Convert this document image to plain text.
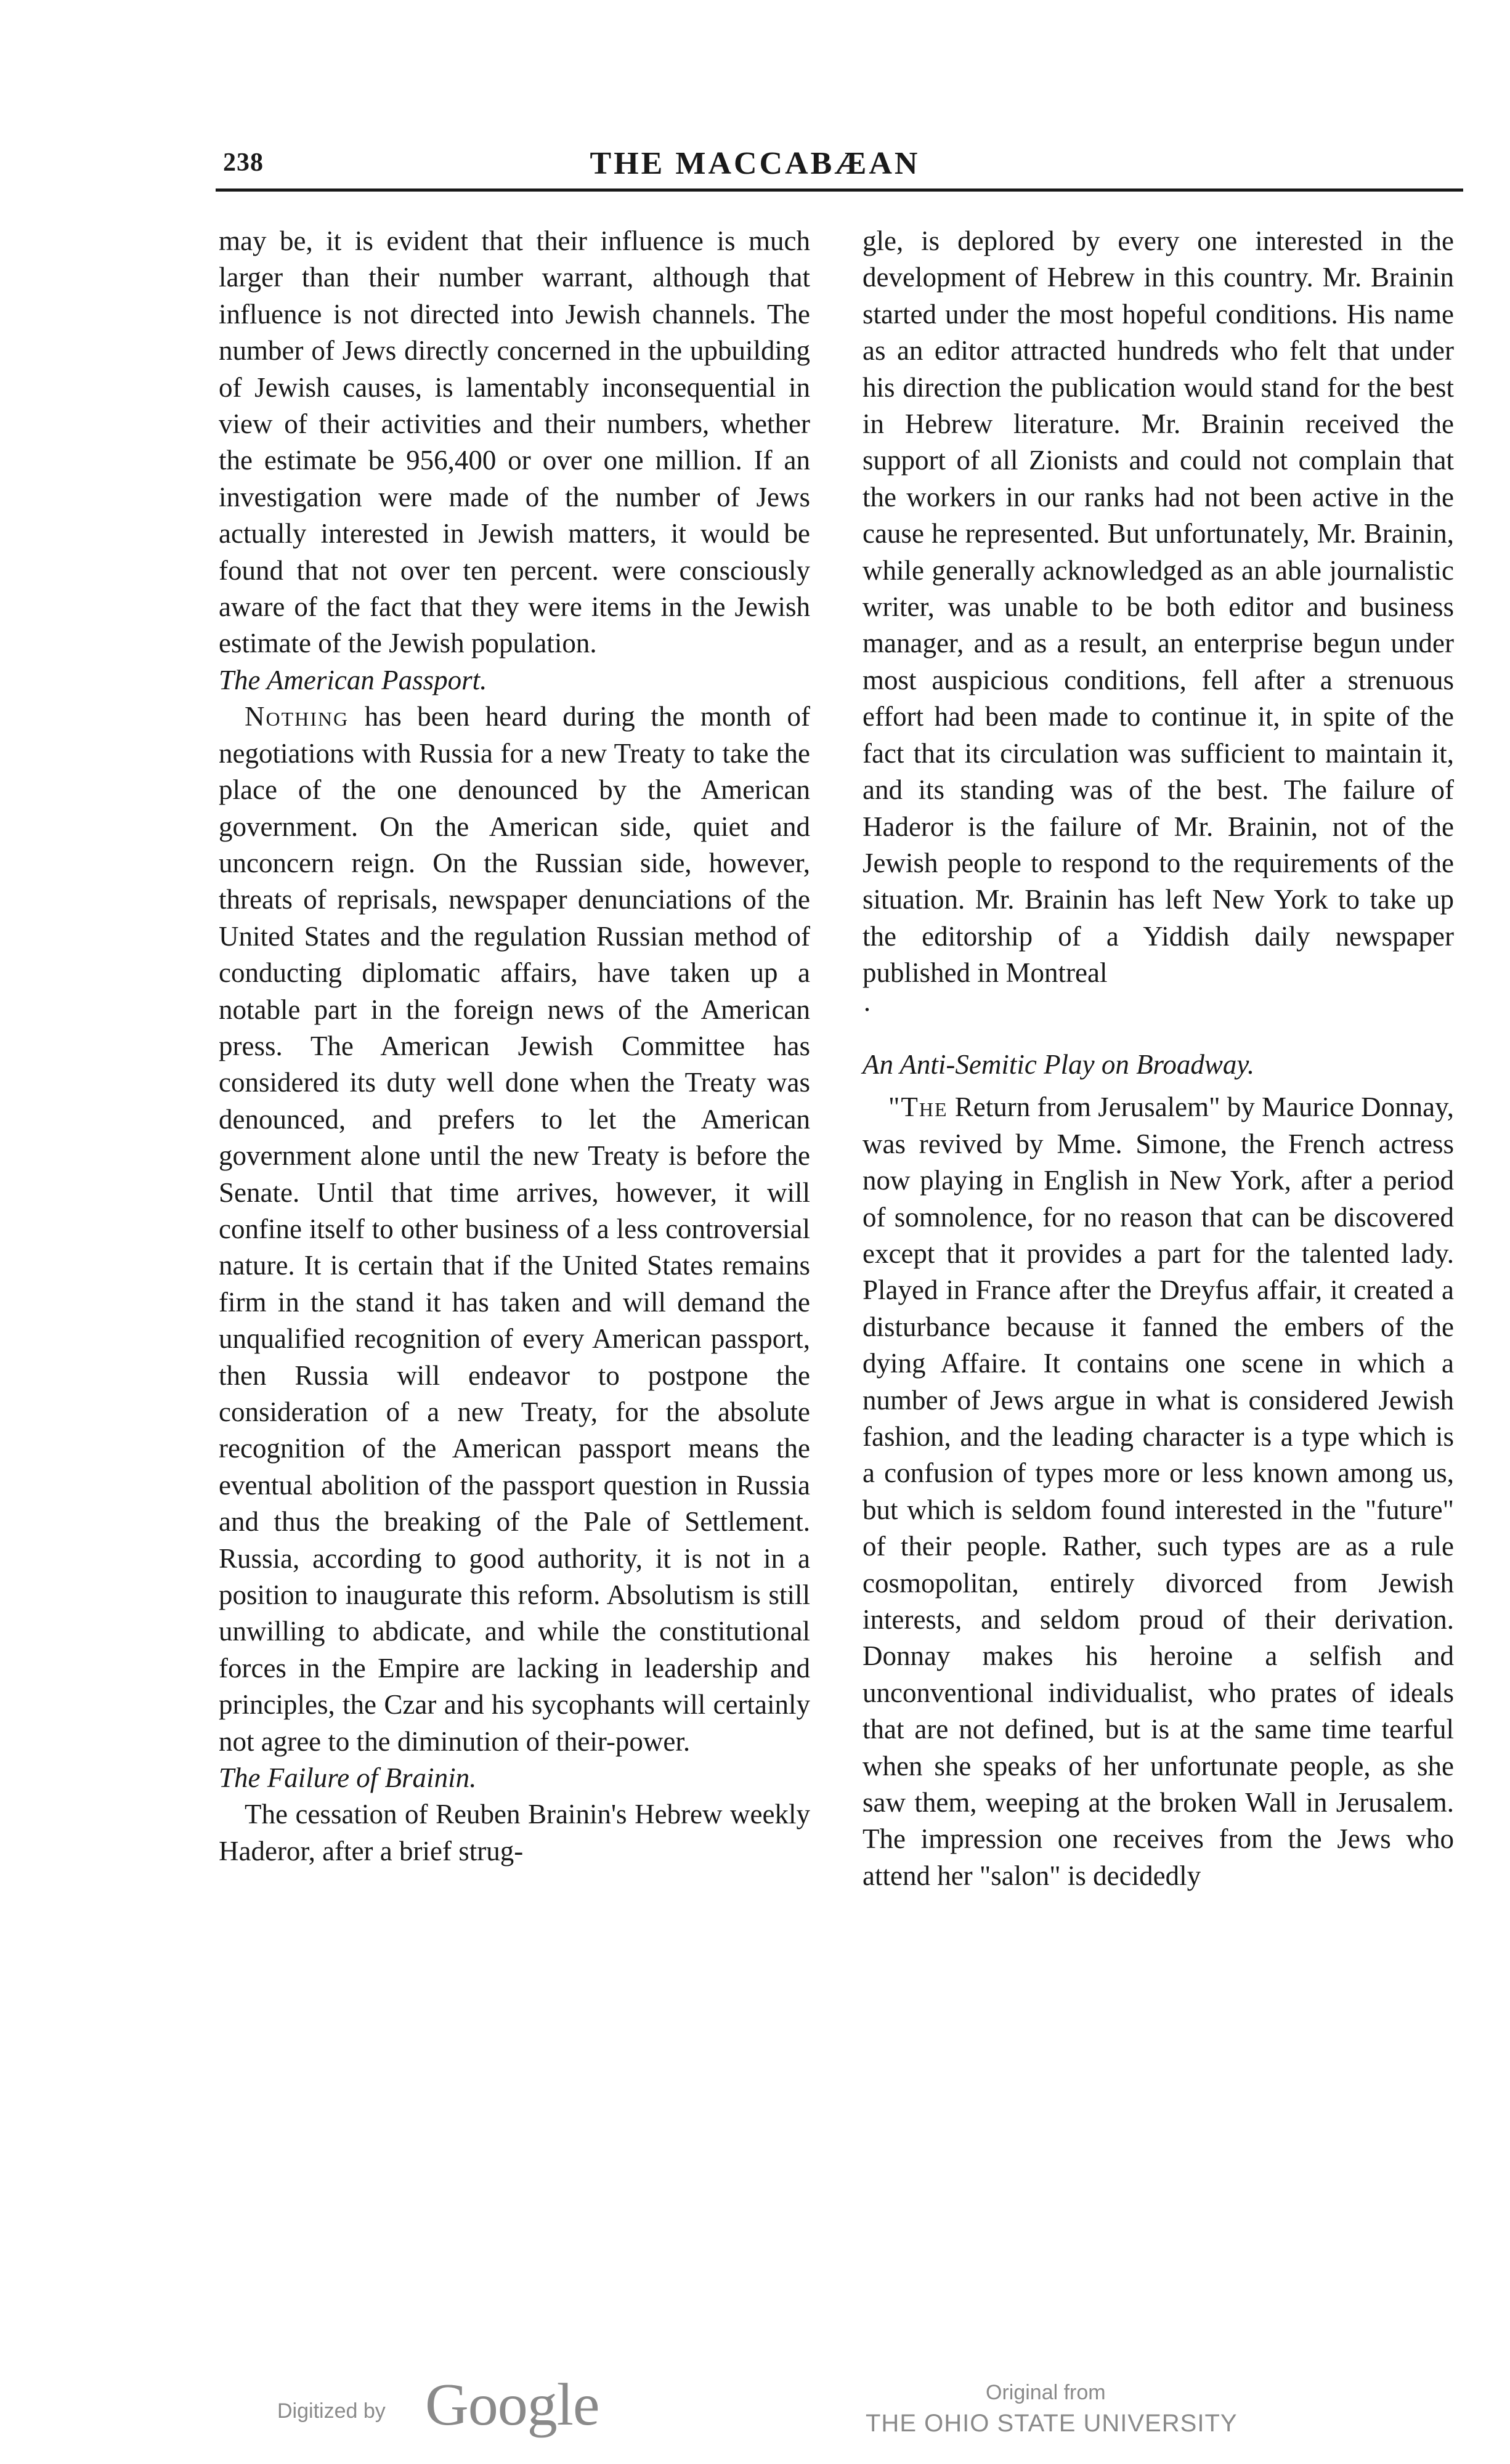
238	THE MACCABÆAN

may be, it is evident that their influence is much larger than their number warrant, although that influence is not directed into Jewish channels. The number of Jews directly concerned in the upbuilding of Jewish causes, is lamentably inconsequential in view of their activities and their numbers, whether the estimate be 956,400 or over one million. If an investigation were made of the number of Jews actually interested in Jewish matters, it would be found that not over ten percent. were consciously aware of the fact that they were items in the Jewish estimate of the Jewish population.

The American Passport.

Nothing has been heard during the month of negotiations with Russia for a new Treaty to take the place of the one denounced by the American government. On the American side, quiet and unconcern reign. On the Russian side, however, threats of reprisals, newspaper denunciations of the United States and the regulation Russian method of conducting diplomatic affairs, have taken up a notable part in the foreign news of the American press. The American Jewish Committee has considered its duty well done when the Treaty was denounced, and prefers to let the American government alone until the new Treaty is before the Senate. Until that time arrives, however, it will confine itself to other business of a less controversial nature. It is certain that if the United States remains firm in the stand it has taken and will demand the unqualified recognition of every American passport, then Russia will endeavor to postpone the consideration of a new Treaty, for the absolute recognition of the American passport means the eventual abolition of the passport question in Russia and thus the breaking of the Pale of Settlement. Russia, according to good authority, it is not in a position to inaugurate this reform. Absolutism is still unwilling to abdicate, and while the constitutional forces in the Empire are lacking in leadership and principles, the Czar and his sycophants will certainly not agree to the diminution of their-power.

The Failure of Brainin.

The cessation of Reuben Brainin's Hebrew weekly Haderor, after a brief strug-

gle, is deplored by every one interested in the development of Hebrew in this country. Mr. Brainin started under the most hopeful conditions. His name as an editor attracted hundreds who felt that under his direction the publication would stand for the best in Hebrew literature. Mr. Brainin received the support of all Zionists and could not complain that the workers in our ranks had not been active in the cause he represented. But unfortunately, Mr. Brainin, while generally acknowledged as an able journalistic writer, was unable to be both editor and business manager, and as a result, an enterprise begun under most auspicious conditions, fell after a strenuous effort had been made to continue it, in spite of the fact that its circulation was sufficient to maintain it, and its standing was of the best. The failure of Haderor is the failure of Mr. Brainin, not of the Jewish people to respond to the requirements of the situation. Mr. Brainin has left New York to take up the editorship of a Yiddish daily newspaper published in Montreal

·

An Anti-Semitic Play on Broadway.

"The Return from Jerusalem" by Maurice Donnay, was revived by Mme. Simone, the French actress now playing in English in New York, after a period of somnolence, for no reason that can be discovered except that it provides a part for the talented lady. Played in France after the Dreyfus affair, it created a disturbance because it fanned the embers of the dying Affaire. It contains one scene in which a number of Jews argue in what is considered Jewish fashion, and the leading character is a type which is a confusion of types more or less known among us, but which is seldom found interested in the "future" of their people. Rather, such types are as a rule cosmopolitan, entirely divorced from Jewish interests, and seldom proud of their derivation. Donnay makes his heroine a selfish and unconventional individualist, who prates of ideals that are not defined, but is at the same time tearful when she speaks of her unfortunate people, as she saw them, weeping at the broken Wall in Jerusalem. The impression one receives from the Jews who attend her "salon" is decidedly

Digitized by Google	Original from
THE OHIO STATE UNIVERSITY
